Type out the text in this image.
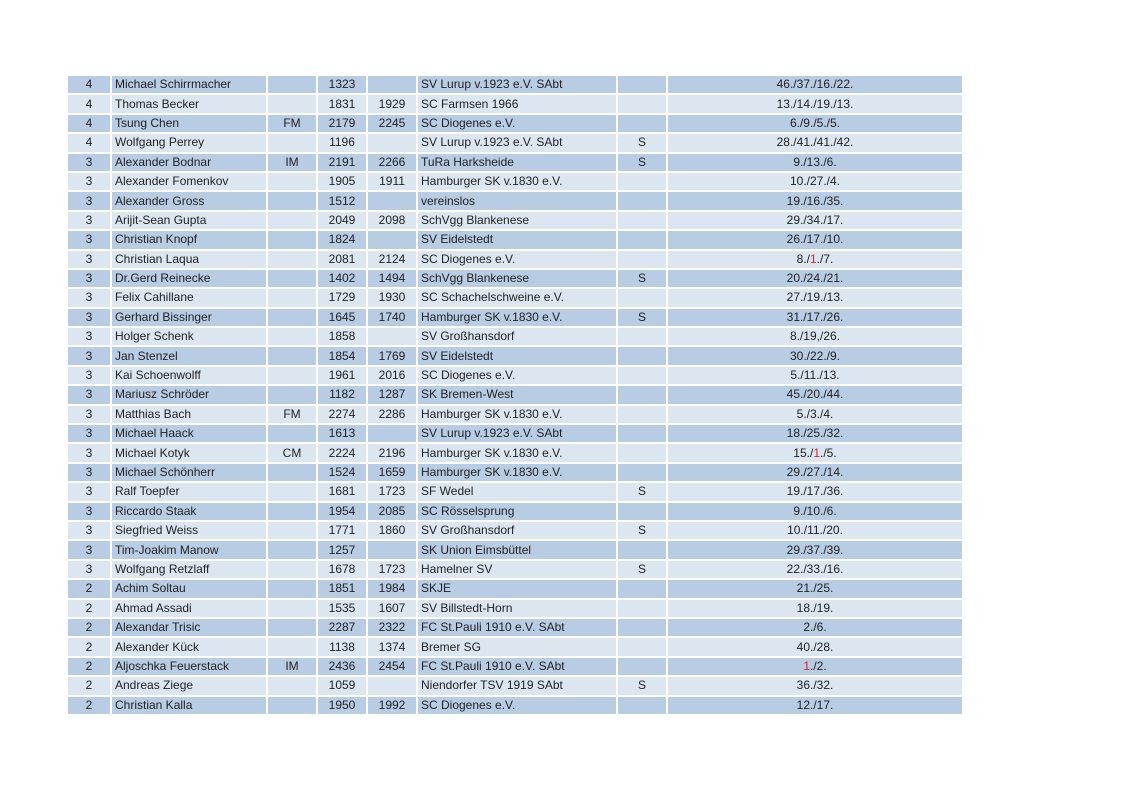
4	Michael Schirrmacher		1323		SV Lurup v.1923 e.V. SAbt		46./37./16./22.
4	Thomas Becker		1831	1929	SC Farmsen 1966		13./14./19./13.
4	Tsung Chen	FM	2179	2245	SC Diogenes e.V.		6./9./5./5.
4	Wolfgang Perrey		1196		SV Lurup v.1923 e.V. SAbt	S	28./41./41./42.
3	Alexander Bodnar	IM	2191	2266	TuRa Harksheide	S	9./13./6.
3	Alexander Fomenkov		1905	1911	Hamburger SK v.1830 e.V.		10./27./4.
3	Alexander Gross		1512		vereinslos		19./16./35.
3	Arijit-Sean Gupta		2049	2098	SchVgg Blankenese		29./34./17.
3	Christian Knopf		1824		SV Eidelstedt		26./17./10.
3	Christian Laqua		2081	2124	SC Diogenes e.V.		8./1./7.
3	Dr.Gerd Reinecke		1402	1494	SchVgg Blankenese	S	20./24./21.
3	Felix Cahillane		1729	1930	SC Schachelschweine e.V.		27./19./13.
3	Gerhard Bissinger		1645	1740	Hamburger SK v.1830 e.V.	S	31./17./26.
3	Holger Schenk		1858		SV Großhansdorf		8./19,/26.
3	Jan Stenzel		1854	1769	SV Eidelstedt		30./22./9.
3	Kai Schoenwolff		1961	2016	SC Diogenes e.V.		5./11./13.
3	Mariusz Schröder		1182	1287	SK Bremen-West		45./20./44.
3	Matthias Bach	FM	2274	2286	Hamburger SK v.1830 e.V.		5./3./4.
3	Michael Haack		1613		SV Lurup v.1923 e.V. SAbt		18./25./32.
3	Michael Kotyk	CM	2224	2196	Hamburger SK v.1830 e.V.		15./1./5.
3	Michael Schönherr		1524	1659	Hamburger SK v.1830 e.V.		29./27./14.
3	Ralf Toepfer		1681	1723	SF Wedel	S	19./17./36.
3	Riccardo Staak		1954	2085	SC Rösselsprung		9./10./6.
3	Siegfried Weiss		1771	1860	SV Großhansdorf	S	10./11./20.
3	Tim-Joakim Manow		1257		SK Union Eimsbüttel		29./37./39.
3	Wolfgang Retzlaff		1678	1723	Hamelner SV	S	22./33./16.
2	Achim Soltau		1851	1984	SKJE		21./25.
2	Ahmad Assadi		1535	1607	SV Billstedt-Horn		18./19.
2	Alexandar Trisic		2287	2322	FC St.Pauli 1910 e.V. SAbt		2./6.
2	Alexander Kück		1138	1374	Bremer SG		40./28.
2	Aljoschka Feuerstack	IM	2436	2454	FC St.Pauli 1910 e.V. SAbt		1./2.
2	Andreas Ziege		1059		Niendorfer TSV 1919 SAbt	S	36./32.
2	Christian Kalla		1950	1992	SC Diogenes e.V.		12./17.
